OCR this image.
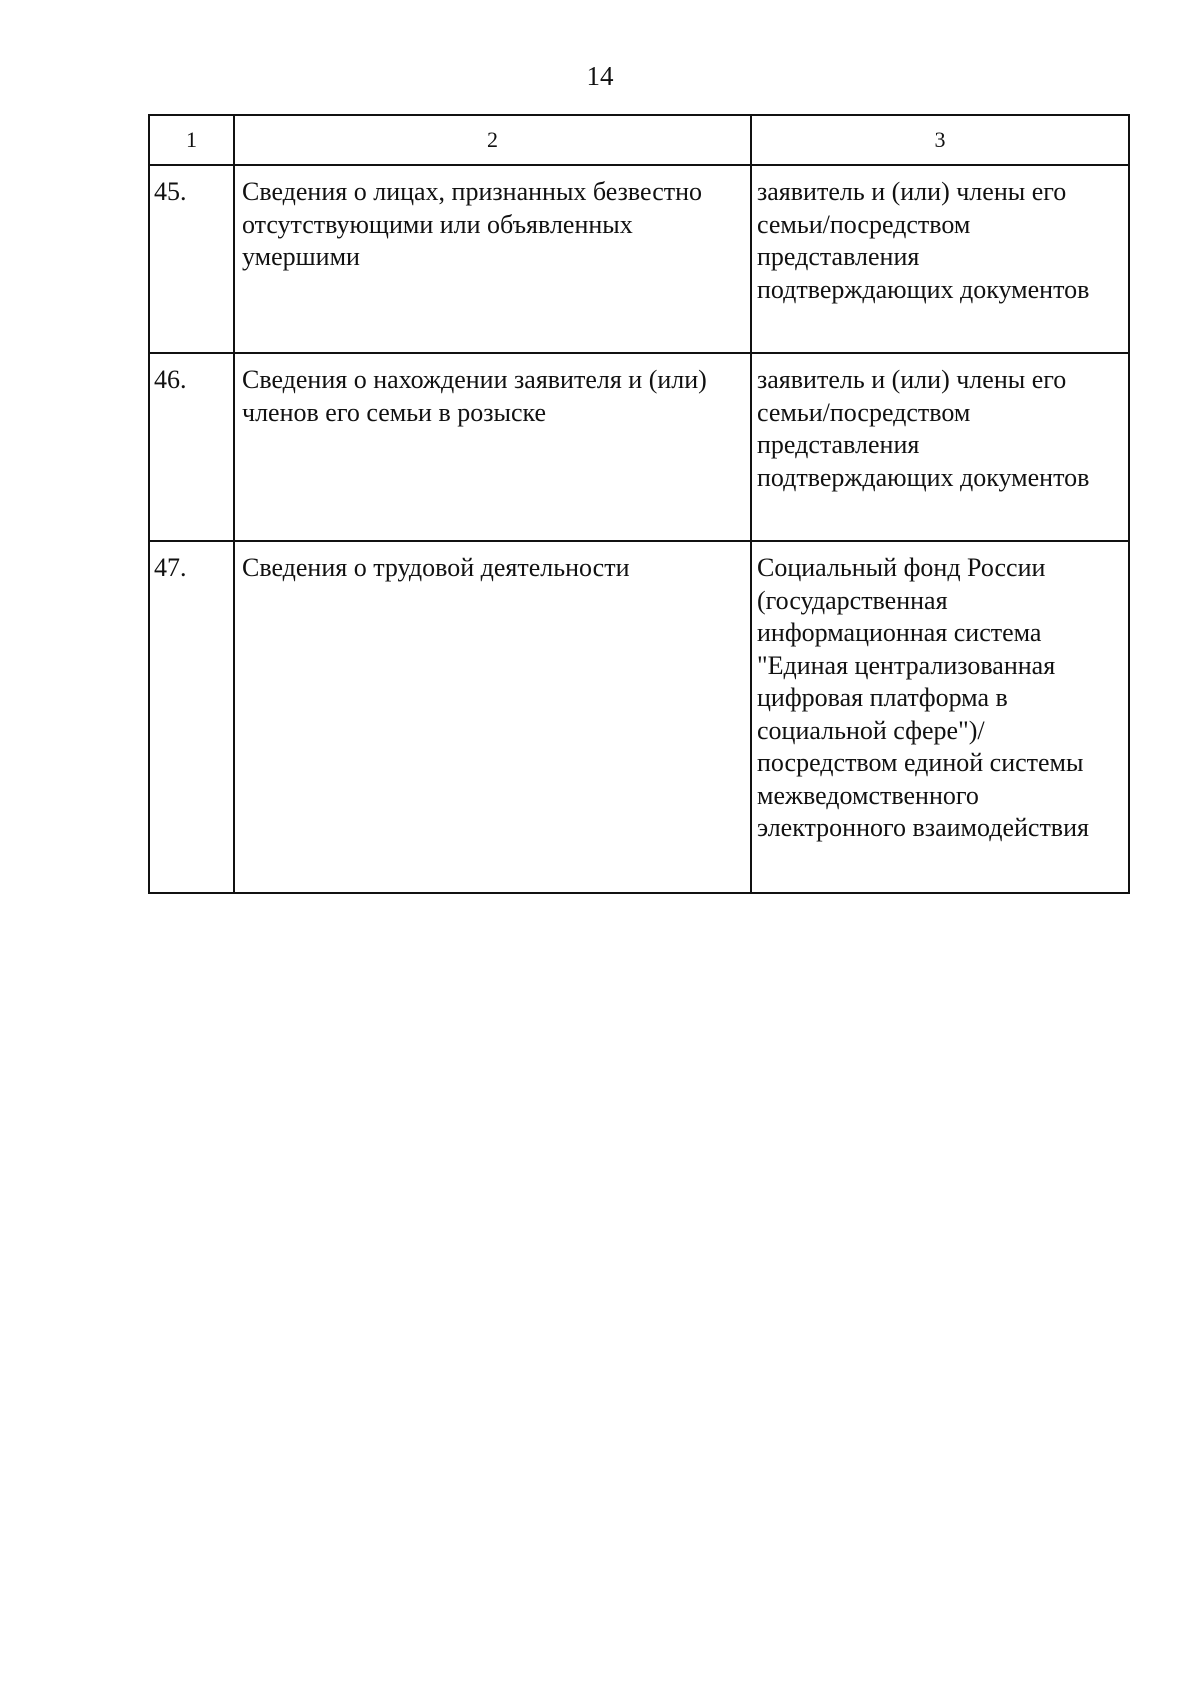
14
1	2	3

45.	Сведения о лицах, признанных безвестно отсутствующими или объявленных умершими	заявитель и (или) члены его семьи/посредством представления подтверждающих документов

46.	Сведения о нахождении заявителя и (или) членов его семьи в розыске	заявитель и (или) члены его семьи/посредством представления подтверждающих документов

47.	Сведения о трудовой деятельности	Социальный фонд России (государственная информационная система "Единая централизованная цифровая платформа в социальной сфере")/посредством единой системы межведомственного электронного взаимодействия
